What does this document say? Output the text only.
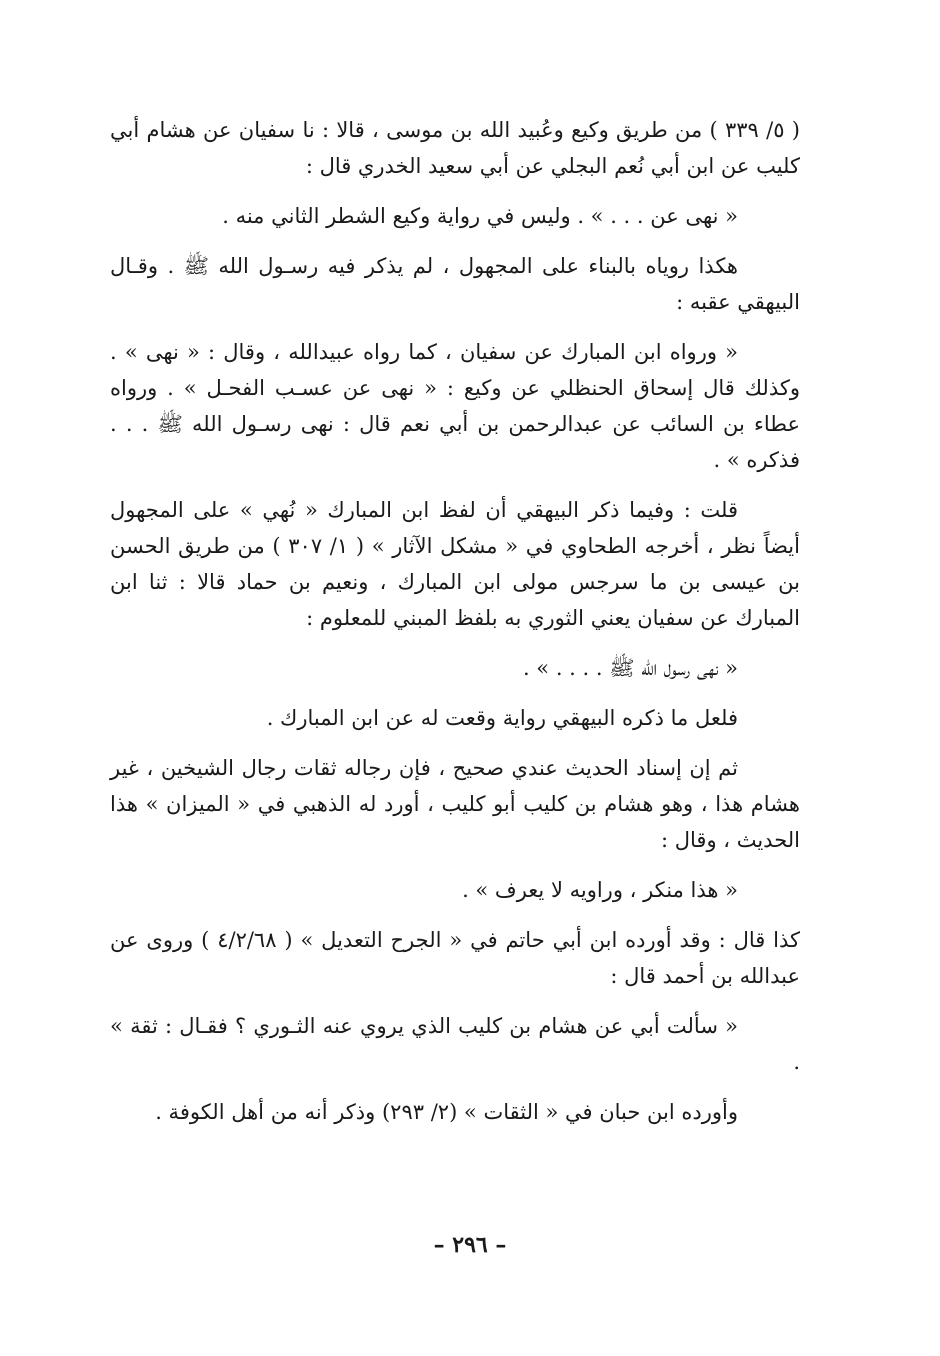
( ٥/ ٣٣٩ ) من طريق وكيع وعُبيد الله بن موسى ، قالا : نا سفيان عن هشام أبي كليب عن ابن أبي نُعم البجلي عن أبي سعيد الخدري قال :

« نهى عن . . . » . وليس في رواية وكيع الشطر الثاني منه .

هكذا روياه بالبناء على المجهول ، لم يذكر فيه رسـول الله ﷺ . وقـال البيهقي عقبه :

« ورواه ابن المبارك عن سفيان ، كما رواه عبيدالله ، وقال : « نهى » . وكذلك قال إسحاق الحنظلي عن وكيع : « نهى عن عسـب الفحـل » . ورواه عطاء بن السائب عن عبدالرحمن بن أبي نعم قال : نهى رسـول الله ﷺ . . . فذكره » .

قلت : وفيما ذكر البيهقي أن لفظ ابن المبارك « نُهي » على المجهول أيضاً نظر ، أخرجه الطحاوي في « مشكل الآثار » ( ١/ ٣٠٧ ) من طريق الحسن بن عيسى بن ما سرجس مولى ابن المبارك ، ونعيم بن حماد قالا : ثنا ابن المبارك عن سفيان يعني الثوري به بلفظ المبني للمعلوم :

« نهى رسول الله ﷺ . . . . » .

فلعل ما ذكره البيهقي رواية وقعت له عن ابن المبارك .

ثم إن إسناد الحديث عندي صحيح ، فإن رجاله ثقات رجال الشيخين ، غير هشام هذا ، وهو هشام بن كليب أبو كليب ، أورد له الذهبي في « الميزان » هذا الحديث ، وقال :

« هذا منكر ، وراويه لا يعرف » .

كذا قال : وقد أورده ابن أبي حاتم في « الجرح التعديل » ( ٤/٢/٦٨ ) وروى عن عبدالله بن أحمد قال :

« سألت أبي عن هشام بن كليب الذي يروي عنه الثـوري ؟ فقـال : ثقة » .

وأورده ابن حبان في « الثقات » (٢/ ٢٩٣) وذكر أنه من أهل الكوفة .

– ٢٩٦ –
